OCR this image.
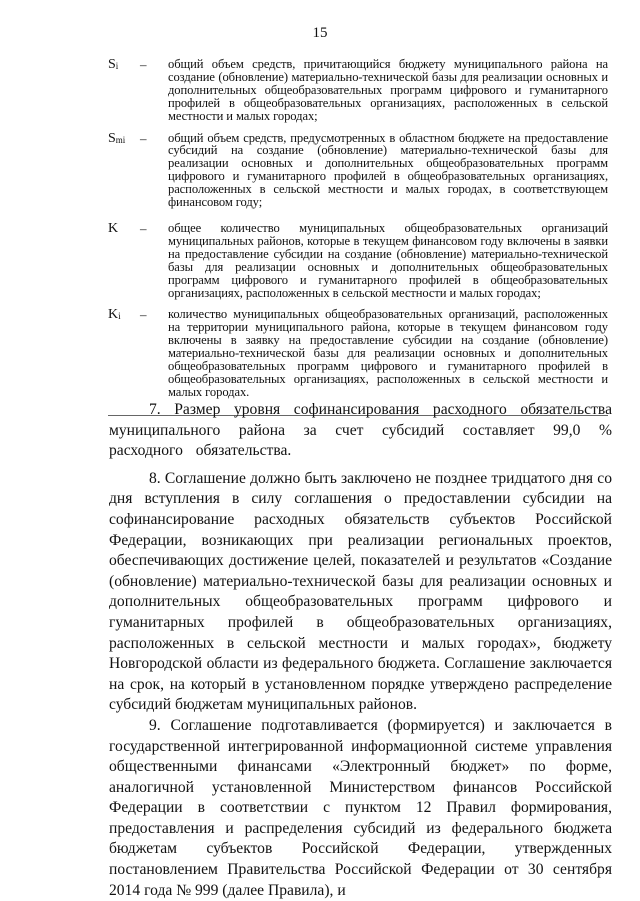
15
$S_i$	–	общий объем средств, причитающийся бюджету муниципального района на создание (обновление) материально-технической базы для реализации основных и дополнительных общеобразовательных программ цифрового и гуманитарного профилей в общеобразовательных организациях, расположенных в сельской местности и малых городах;
$S_{mi}$	–	общий объем средств, предусмотренных в областном бюджете на предоставление субсидий на создание (обновление) материально-технической базы для реализации основных и дополнительных общеобразовательных программ цифрового и гуманитарного профилей в общеобразовательных организациях, расположенных в сельской местности и малых городах, в соответствующем финансовом году;
K	–	общее количество муниципальных общеобразовательных организаций муниципальных районов, которые в текущем финансовом году включены в заявки на предоставление субсидии на создание (обновление) материально-технической базы для реализации основных и дополнительных общеобразовательных программ цифрового и гуманитарного профилей в общеобразовательных организациях, расположенных в сельской местности и малых городах;
$K_i$	–	количество муниципальных общеобразовательных организаций, расположенных на территории муниципального района, которые в текущем финансовом году включены в заявку на предоставление субсидии на создание (обновление) материально-технической базы для реализации основных и дополнительных общеобразовательных программ цифрового и гуманитарного профилей в общеобразовательных организациях, расположенных в сельской местности и малых городах.

7. Размер уровня софинансирования расходного обязательства муниципального района за счет субсидий составляет 99,0 % расходного обязательства.

8. Соглашение должно быть заключено не позднее тридцатого дня со дня вступления в силу соглашения о предоставлении субсидии на софинансирование расходных обязательств субъектов Российской Федерации, возникающих при реализации региональных проектов, обеспечивающих достижение целей, показателей и результатов «Создание (обновление) материально-технической базы для реализации основных и дополнительных общеобразовательных программ цифрового и гуманитарных профилей в общеобразовательных организациях, расположенных в сельской местности и малых городах», бюджету Новгородской области из федерального бюджета. Соглашение заключается на срок, на который в установленном порядке утверждено распределение субсидий бюджетам муниципальных районов.

9. Соглашение подготавливается (формируется) и заключается в государственной интегрированной информационной системе управления общественными финансами «Электронный бюджет» по форме, аналогичной установленной Министерством финансов Российской Федерации в соответствии с пунктом 12 Правил формирования, предоставления и распределения субсидий из федерального бюджета бюджетам субъектов Российской Федерации, утвержденных постановлением Правительства Российской Федерации от 30 сентября 2014 года № 999 (далее Правила), и
